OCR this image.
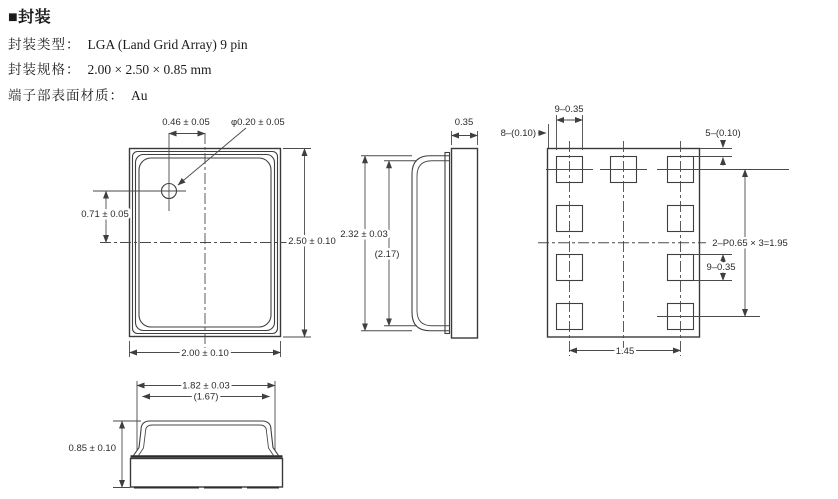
■封装
封装类型： LGA (Land Grid Array) 9 pin
封装规格： 2.00 × 2.50 × 0.85 mm
端子部表面材质： Au
0.46 ± 0.05 φ0.20 ± 0.05
0.71 ± 0.05
2.50 ± 0.10
2.00 ± 0.10
2.32 ± 0.03
(2.17)
0.35
9–0.35
8–(0.10)	5–(0.10)
2–P0.65 × 3=1.95
9–0.35
1.45
1.82 ± 0.03
(1.67)
0.85 ± 0.10
